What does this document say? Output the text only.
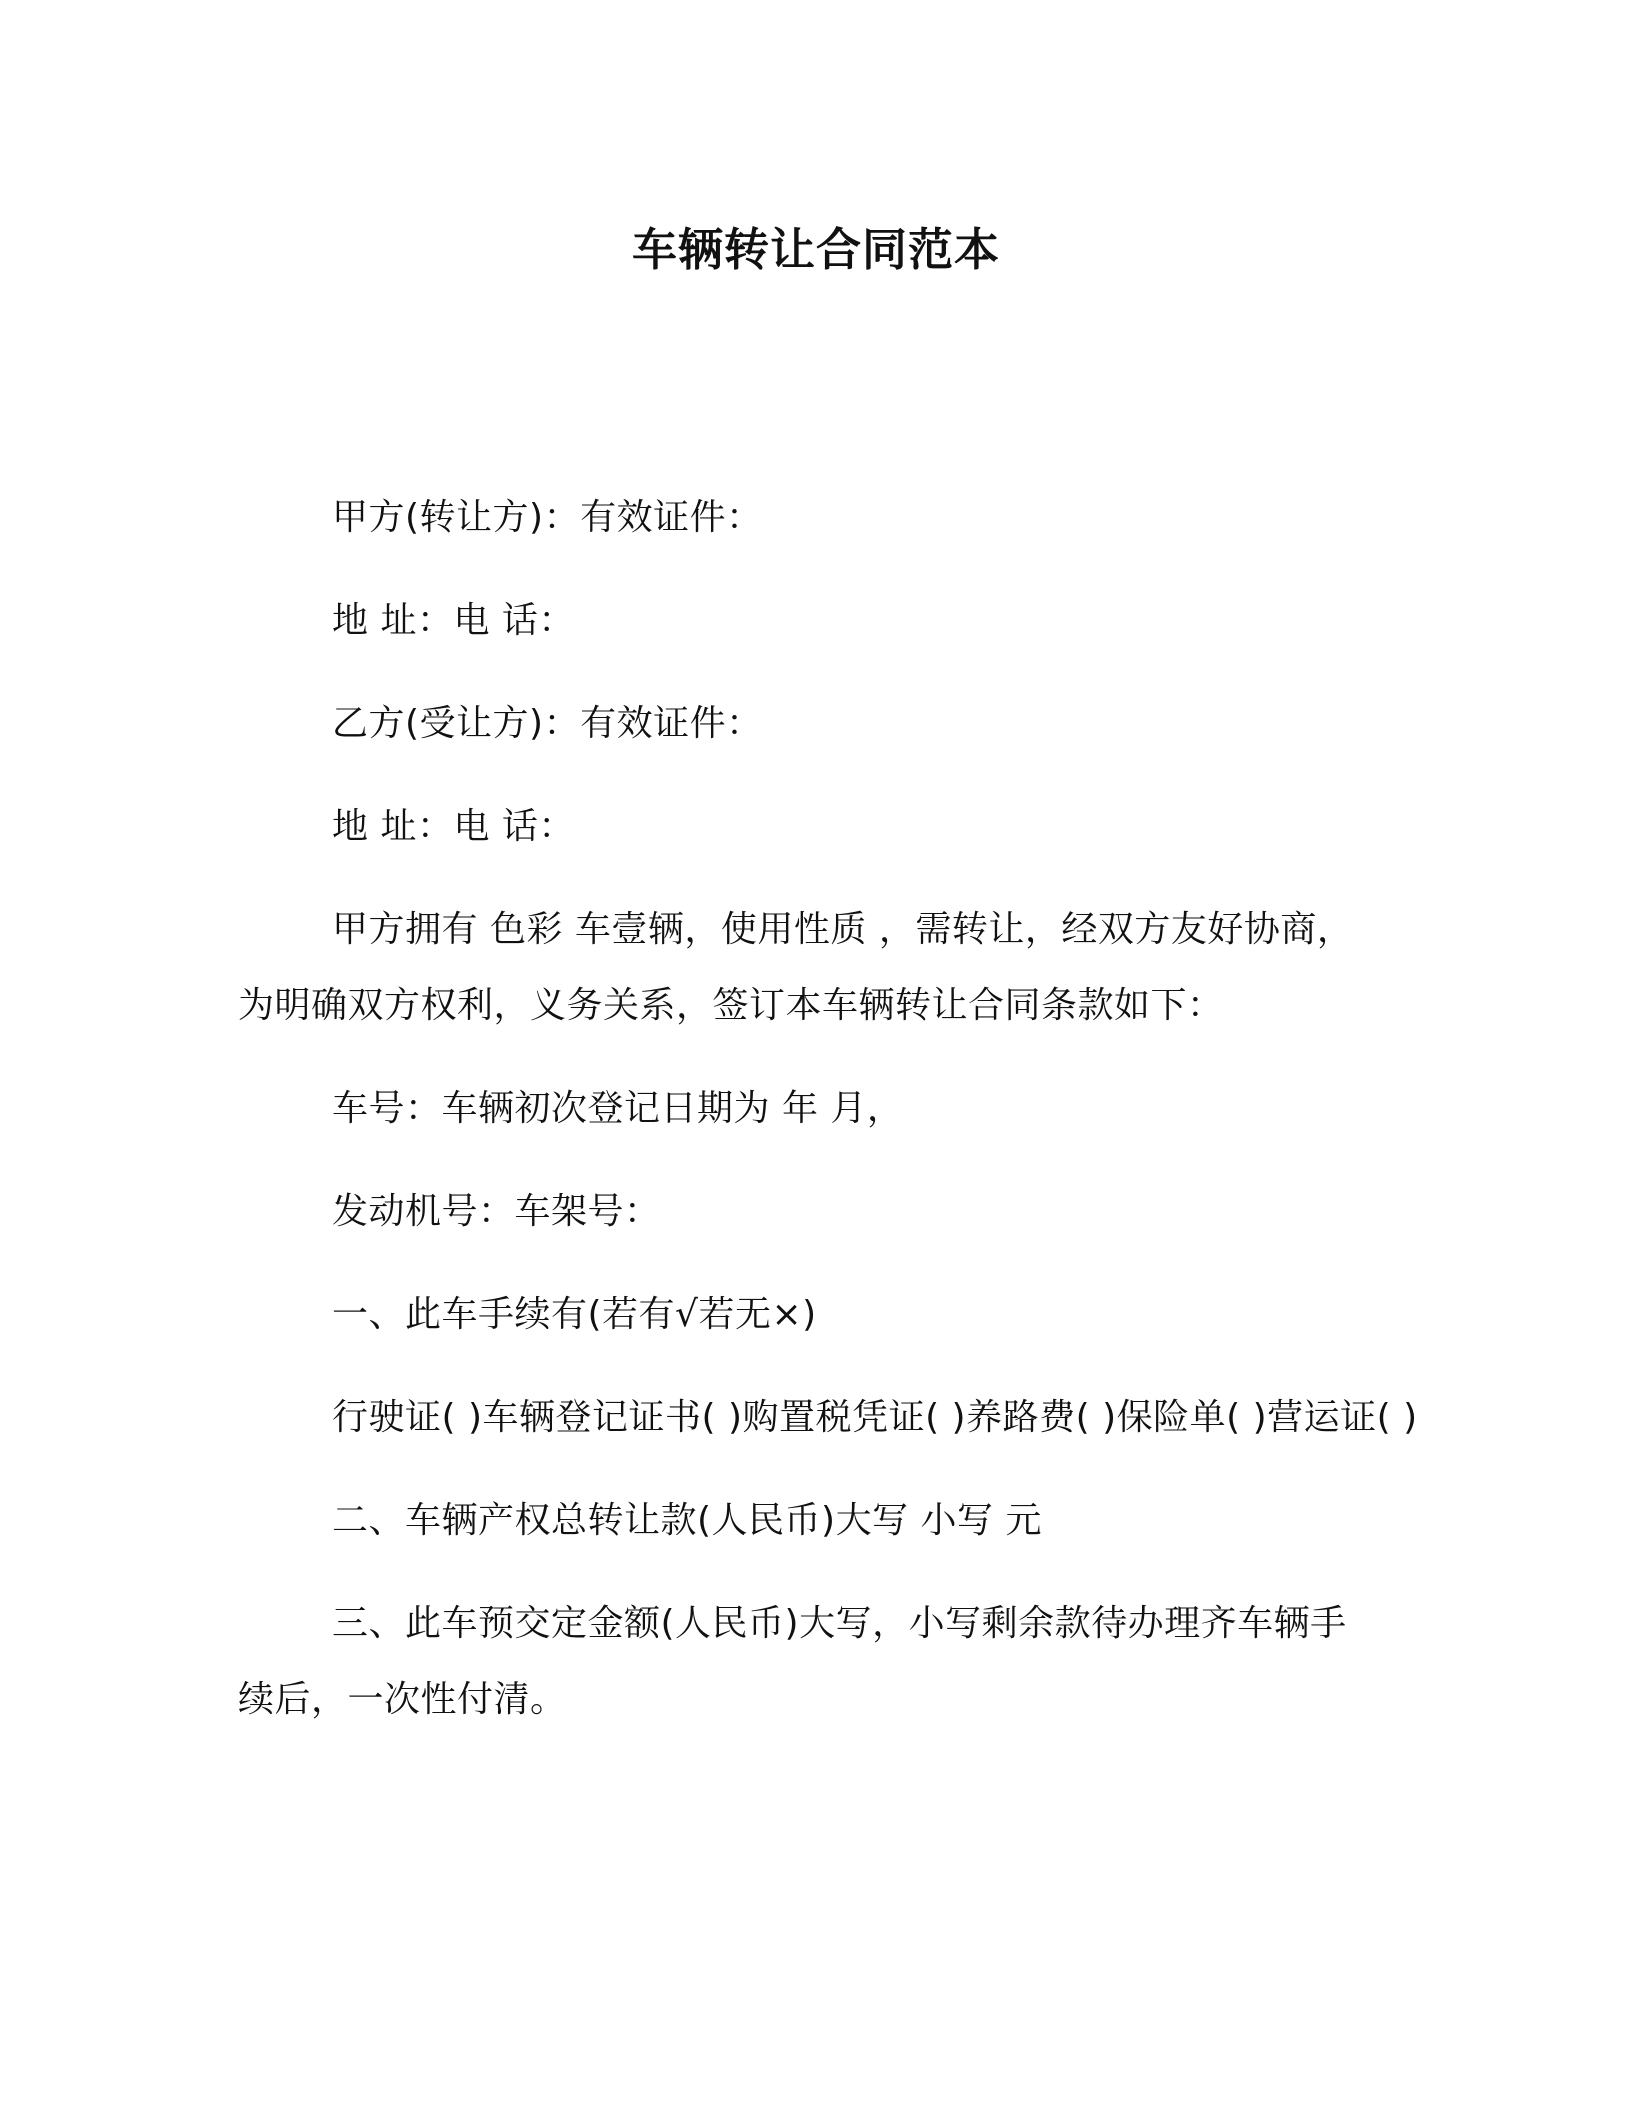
车辆转让合同范本
甲方(转让方)：有效证件：
地 址：电 话：
乙方(受让方)：有效证件：
地 址：电 话：
甲方拥有 色彩 车壹辆，使用性质 ，需转让，经双方友好协商，
为明确双方权利，义务关系，签订本车辆转让合同条款如下：
车号：车辆初次登记日期为 年 月，
发动机号：车架号：
一、此车手续有(若有√若无×)
行驶证( )车辆登记证书( )购置税凭证( )养路费( )保险单( )营运证( )
二、车辆产权总转让款(人民币)大写 小写 元
三、此车预交定金额(人民币)大写，小写剩余款待办理齐车辆手
续后，一次性付清。
